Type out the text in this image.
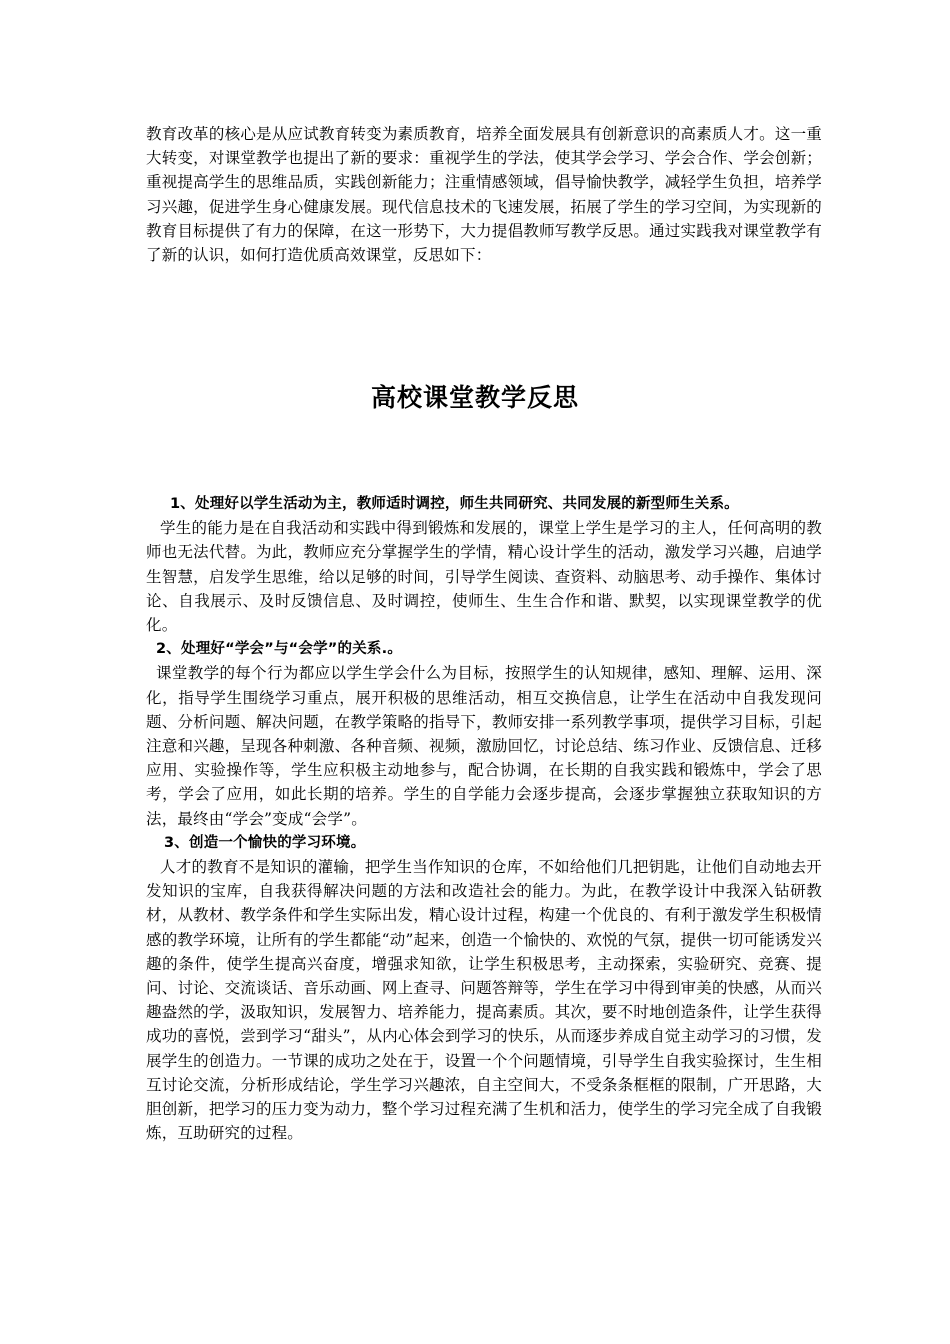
教育改革的核心是从应试教育转变为素质教育，培养全面发展具有创新意识的高素质人才。这一重大转变，对课堂教学也提出了新的要求：重视学生的学法，使其学会学习、学会合作、学会创新；重视提高学生的思维品质，实践创新能力；注重情感领域，倡导愉快教学，减轻学生负担，培养学习兴趣，促进学生身心健康发展。现代信息技术的飞速发展，拓展了学生的学习空间，为实现新的教育目标提供了有力的保障，在这一形势下，大力提倡教师写教学反思。通过实践我对课堂教学有了新的认识，如何打造优质高效课堂，反思如下：

高校课堂教学反思

1、处理好以学生活动为主，教师适时调控，师生共同研究、共同发展的新型师生关系。

学生的能力是在自我活动和实践中得到锻炼和发展的，课堂上学生是学习的主人，任何高明的教师也无法代替。为此，教师应充分掌握学生的学情，精心设计学生的活动，激发学习兴趣，启迪学生智慧，启发学生思维，给以足够的时间，引导学生阅读、查资料、动脑思考、动手操作、集体讨论、自我展示、及时反馈信息、及时调控，使师生、生生合作和谐、默契，以实现课堂教学的优化。

2、处理好“学会”与“会学”的关系.。

课堂教学的每个行为都应以学生学会什么为目标，按照学生的认知规律，感知、理解、运用、深化，指导学生围绕学习重点，展开积极的思维活动，相互交换信息，让学生在活动中自我发现问题、分析问题、解决问题，在教学策略的指导下，教师安排一系列教学事项，提供学习目标，引起注意和兴趣，呈现各种刺激、各种音频、视频，激励回忆，讨论总结、练习作业、反馈信息、迁移应用、实验操作等，学生应积极主动地参与，配合协调，在长期的自我实践和锻炼中，学会了思考，学会了应用，如此长期的培养。学生的自学能力会逐步提高，会逐步掌握独立获取知识的方法，最终由“学会”变成“会学”。

3、创造一个愉快的学习环境。

人才的教育不是知识的灌输，把学生当作知识的仓库，不如给他们几把钥匙，让他们自动地去开发知识的宝库，自我获得解决问题的方法和改造社会的能力。为此，在教学设计中我深入钻研教材，从教材、教学条件和学生实际出发，精心设计过程，构建一个优良的、有利于激发学生积极情感的教学环境，让所有的学生都能“动”起来，创造一个愉快的、欢悦的气氛，提供一切可能诱发兴趣的条件，使学生提高兴奋度，增强求知欲，让学生积极思考，主动探索，实验研究、竞赛、提问、讨论、交流谈话、音乐动画、网上查寻、问题答辩等，学生在学习中得到审美的快感，从而兴趣盎然的学，汲取知识，发展智力、培养能力，提高素质。其次，要不时地创造条件，让学生获得成功的喜悦，尝到学习“甜头”，从内心体会到学习的快乐，从而逐步养成自觉主动学习的习惯，发展学生的创造力。一节课的成功之处在于，设置一个个问题情境，引导学生自我实验探讨，生生相互讨论交流，分析形成结论，学生学习兴趣浓，自主空间大，不受条条框框的限制，广开思路，大胆创新，把学习的压力变为动力，整个学习过程充满了生机和活力，使学生的学习完全成了自我锻炼，互助研究的过程。
